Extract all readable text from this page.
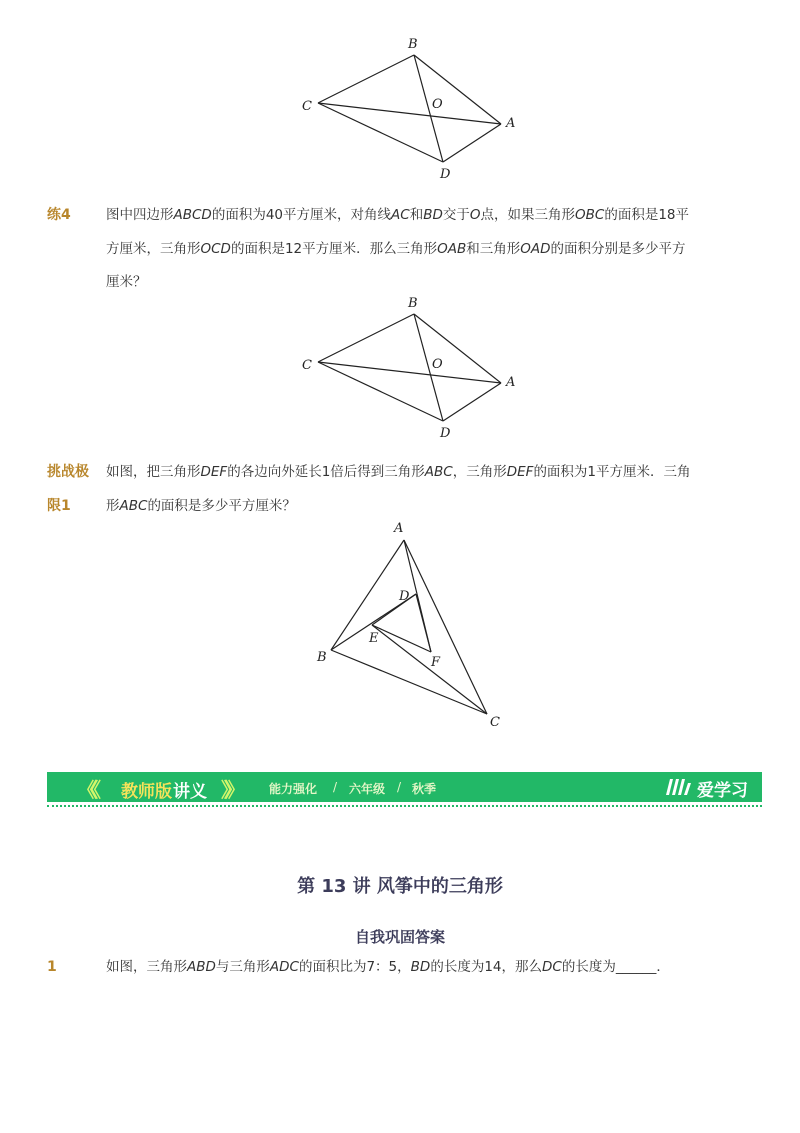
B
C	O
A
D
练4	图中四边形ABCD的面积为40平方厘米，对角线AC和BD交于O点，如果三角形OBC的面积是18平
方厘米，三角形OCD的面积是12平方厘米．那么三角形OAB和三角形OAD的面积分别是多少平方
厘米？
B
C	O
A
D
挑战极
限1
如图，把三角形DEF的各边向外延长1倍后得到三角形ABC，三角形DEF的面积为1平方厘米．三角
形ABC的面积是多少平方厘米？
A
D
E
F
B
C
《《 教师版 讲义 》》	能力强化 / 六年级 / 秋季	爱学习
第 13 讲 风筝中的三角形
自我巩固答案
1	如图，三角形ABD与三角形ADC的面积比为7：5，BD的长度为14，那么DC的长度为______．
